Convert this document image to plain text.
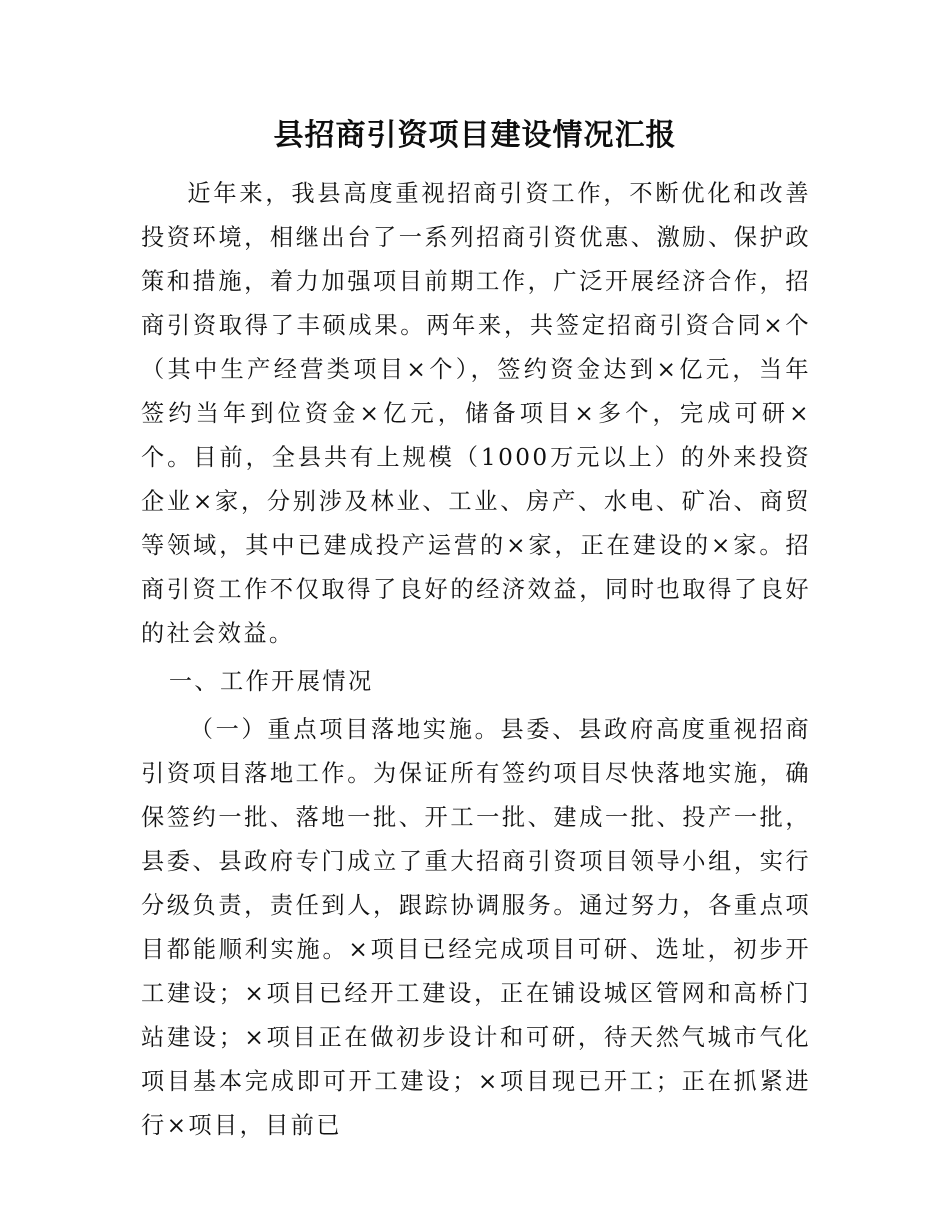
县招商引资项目建设情况汇报

近年来，我县高度重视招商引资工作，不断优化和改善投资环境，相继出台了一系列招商引资优惠、激励、保护政策和措施，着力加强项目前期工作，广泛开展经济合作，招商引资取得了丰硕成果。两年来，共签定招商引资合同×个（其中生产经营类项目×个），签约资金达到×亿元，当年签约当年到位资金×亿元，储备项目×多个，完成可研×个。目前，全县共有上规模（1000万元以上）的外来投资企业×家，分别涉及林业、工业、房产、水电、矿冶、商贸等领域，其中已建成投产运营的×家，正在建设的×家。招商引资工作不仅取得了良好的经济效益，同时也取得了良好的社会效益。

一、工作开展情况

（一）重点项目落地实施。县委、县政府高度重视招商引资项目落地工作。为保证所有签约项目尽快落地实施，确保签约一批、落地一批、开工一批、建成一批、投产一批，县委、县政府专门成立了重大招商引资项目领导小组，实行分级负责，责任到人，跟踪协调服务。通过努力，各重点项目都能顺利实施。×项目已经完成项目可研、选址，初步开工建设；×项目已经开工建设，正在铺设城区管网和高桥门站建设；×项目正在做初步设计和可研，待天然气城市气化项目基本完成即可开工建设；×项目现已开工；正在抓紧进行×项目，目前已
